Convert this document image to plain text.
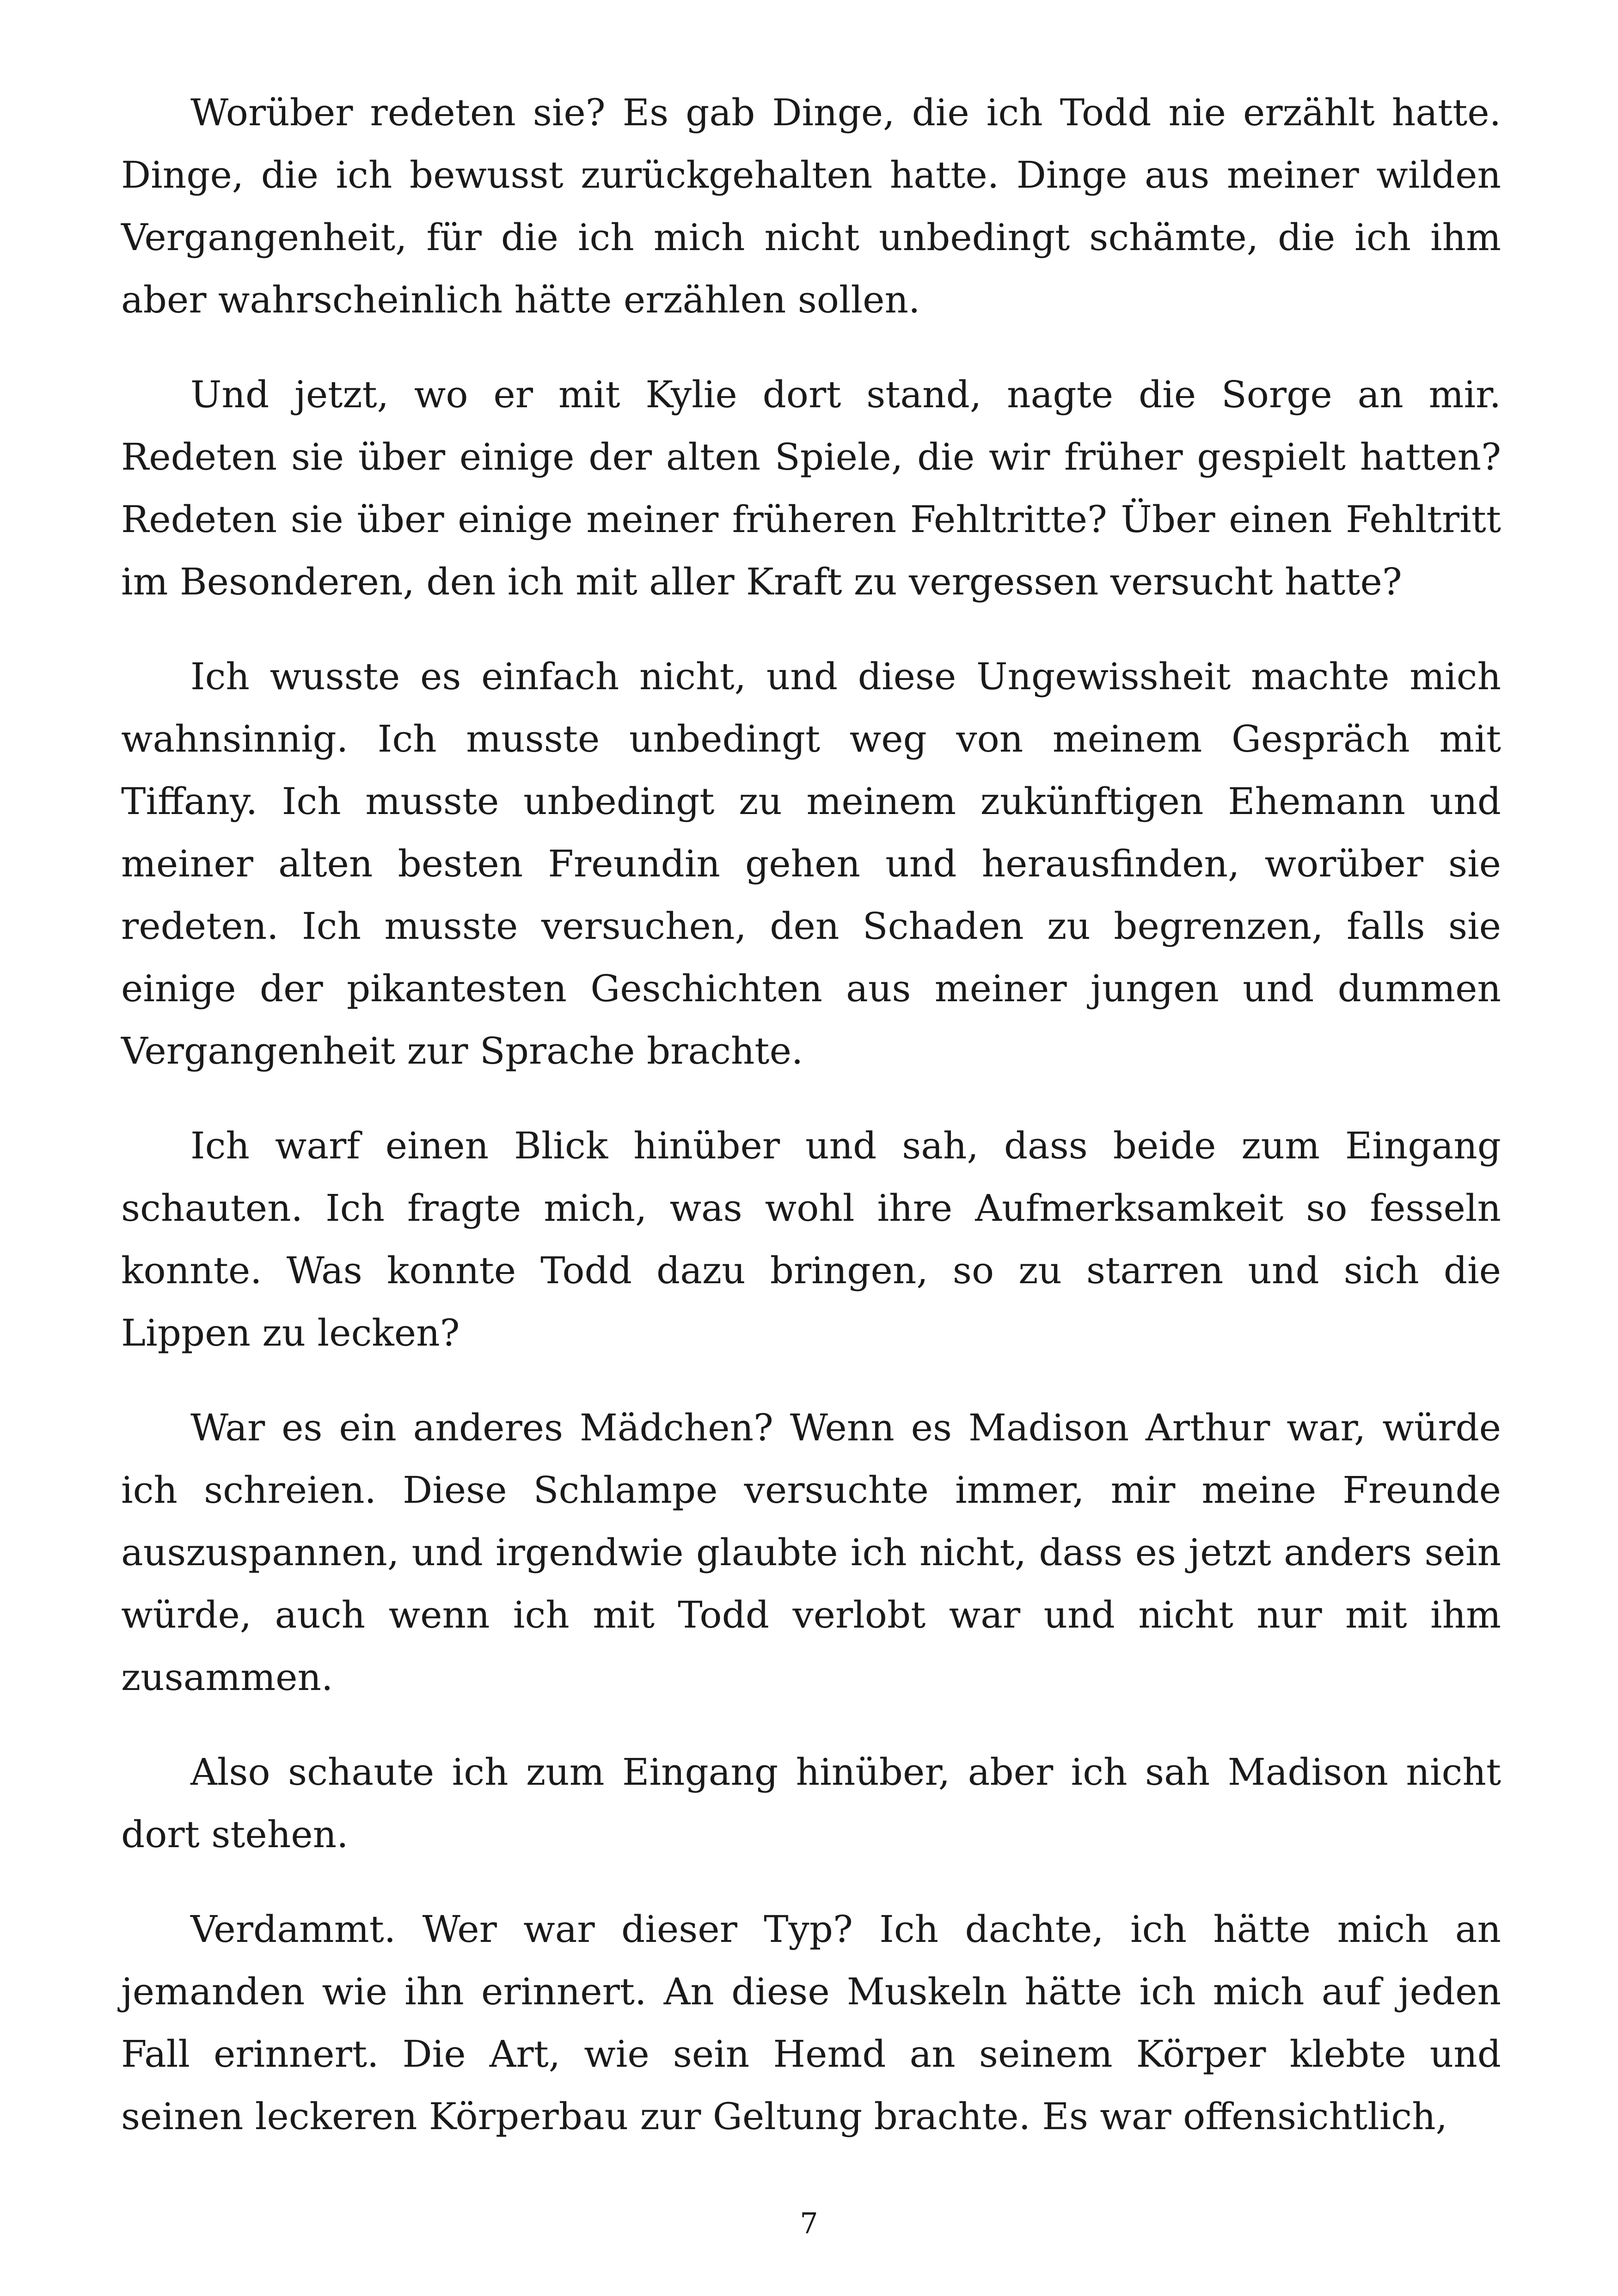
Worüber redeten sie? Es gab Dinge, die ich Todd nie erzählt hatte. Dinge, die ich bewusst zurückgehalten hatte. Dinge aus meiner wilden Vergangenheit, für die ich mich nicht unbedingt schämte, die ich ihm aber wahrscheinlich hätte erzählen sollen.

Und jetzt, wo er mit Kylie dort stand, nagte die Sorge an mir. Redeten sie über einige der alten Spiele, die wir früher gespielt hatten? Redeten sie über einige meiner früheren Fehltritte? Über einen Fehltritt im Besonderen, den ich mit aller Kraft zu vergessen versucht hatte?

Ich wusste es einfach nicht, und diese Ungewissheit machte mich wahnsinnig. Ich musste unbedingt weg von meinem Gespräch mit Tiffany. Ich musste unbedingt zu meinem zukünftigen Ehemann und meiner alten besten Freundin gehen und herausfinden, worüber sie redeten. Ich musste versuchen, den Schaden zu begrenzen, falls sie einige der pikantesten Geschichten aus meiner jungen und dummen Vergangenheit zur Sprache brachte.

Ich warf einen Blick hinüber und sah, dass beide zum Eingang schauten. Ich fragte mich, was wohl ihre Aufmerksamkeit so fesseln konnte. Was konnte Todd dazu bringen, so zu starren und sich die Lippen zu lecken?

War es ein anderes Mädchen? Wenn es Madison Arthur war, würde ich schreien. Diese Schlampe versuchte immer, mir meine Freunde auszuspannen, und irgendwie glaubte ich nicht, dass es jetzt anders sein würde, auch wenn ich mit Todd verlobt war und nicht nur mit ihm zusammen.

Also schaute ich zum Eingang hinüber, aber ich sah Madison nicht dort stehen.

Verdammt. Wer war dieser Typ? Ich dachte, ich hätte mich an jemanden wie ihn erinnert. An diese Muskeln hätte ich mich auf jeden Fall erinnert. Die Art, wie sein Hemd an seinem Körper klebte und seinen leckeren Körperbau zur Geltung brachte. Es war offensichtlich,

7
